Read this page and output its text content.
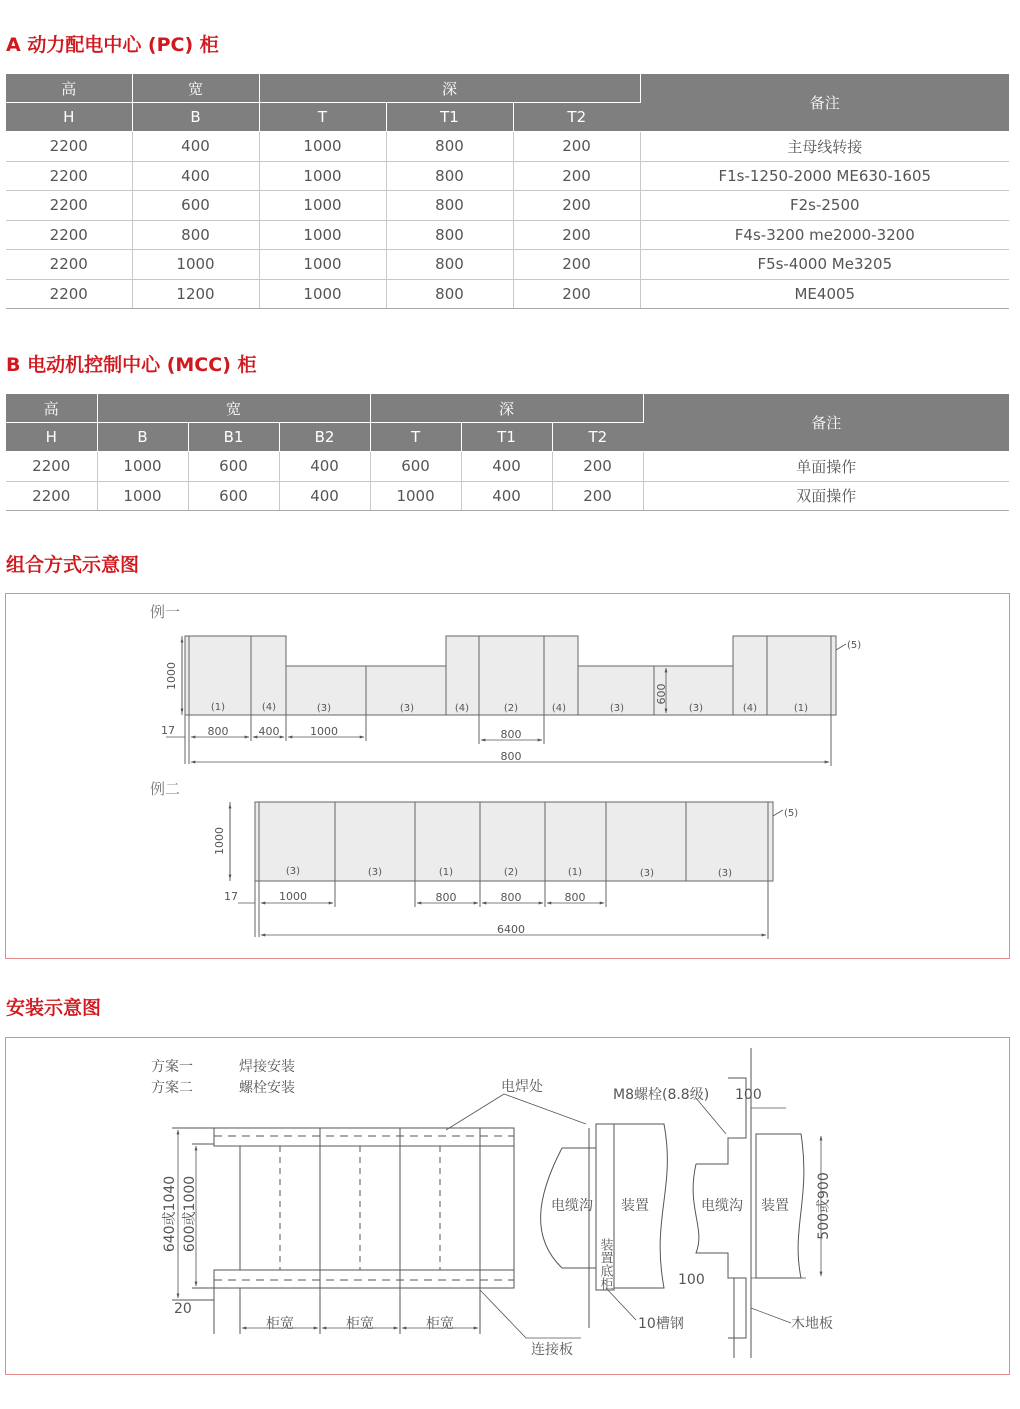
A 动力配电中心 (PC) 柜
高	宽	深			备注
H	B	T	T1	T2	
2200	400	1000	800	200	主母线转接
2200	400	1000	800	200	F1s-1250-2000 ME630-1605
2200	600	1000	800	200	F2s-2500
2200	800	1000	800	200	F4s-3200 me2000-3200
2200	1000	1000	800	200	F5s-4000 Me3205
2200	1200	1000	800	200	ME4005
B 电动机控制中心 (MCC) 柜
高	宽			深			备注
H	B	B1	B2	T	T1	T2	
2200	1000	600	400	600	400	200	单面操作
2200	1000	600	400	1000	400	200	双面操作
组合方式示意图
例一
例二
1000
1000
600
17
17
(5)
(5)
800	400	1000	800
800
1000	800	800	800
6400
(1)	(4)	(3)	(3)	(4)	(2)	(4)	(3)	(3)	(4)	(1)
(3)	(3)	(1)	(2)	(1)	(3)	(3)
安装示意图
方案一	焊接安装
方案二	螺栓安装
640或1040 600或1000
20
柜宽	柜宽	柜宽
连接板
电焊处
电缆沟 装置
装置底柜
10槽钢
M8螺栓(8.8级)
电缆沟 装置
100
100
500或900
木地板
